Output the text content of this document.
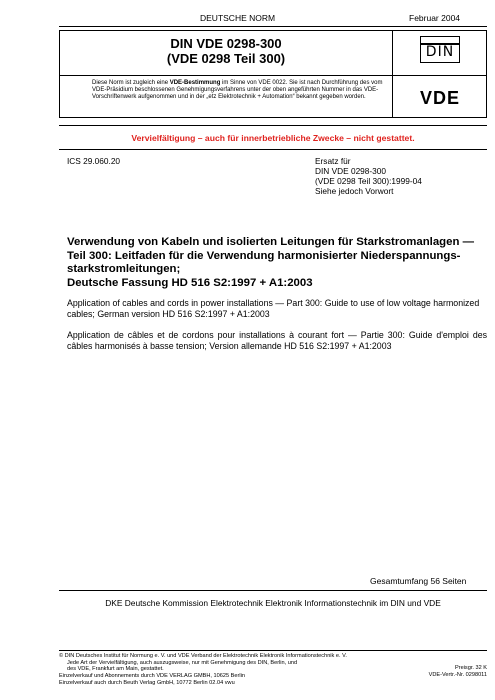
DEUTSCHE NORM	Februar 2004
DIN VDE 0298-300
(VDE 0298 Teil 300)	DIN
Diese Norm ist zugleich eine VDE-Bestimmung im Sinne von VDE 0022. Sie ist nach Durchführung des vom VDE-Präsidium beschlossenen Genehmigungsverfahrens unter der oben angeführten Nummer in das VDE-Vorschriftenwerk aufgenommen und in der „etz Elektrotechnik + Automation“ bekannt gegeben worden.	VDE
Vervielfältigung – auch für innerbetriebliche Zwecke – nicht gestattet.
ICS 29.060.20	Ersatz für
DIN VDE 0298-300
(VDE 0298 Teil 300):1999-04
Siehe jedoch Vorwort
Verwendung von Kabeln und isolierten Leitungen für Starkstromanlagen — Teil 300: Leitfaden für die Verwendung harmonisierter Niederspannungs-starkstromleitungen;
Deutsche Fassung HD 516 S2:1997 + A1:2003
Application of cables and cords in power installations — Part 300: Guide to use of low voltage harmonized cables; German version HD 516 S2:1997 + A1:2003
Application de câbles et de cordons pour installations à courant fort — Partie 300: Guide d'emploi des câbles harmonisés à basse tension; Version allemande HD 516 S2:1997 + A1:2003
Gesamtumfang 56 Seiten
DKE Deutsche Kommission Elektrotechnik Elektronik Informationstechnik im DIN und VDE
© DIN Deutsches Institut für Normung e. V. und VDE Verband der Elektrotechnik Elektronik Informationstechnik e. V.
Jede Art der Vervielfältigung, auch auszugsweise, nur mit Genehmigung des DIN, Berlin, und
des VDE, Frankfurt am Main, gestattet.
Einzelverkauf und Abonnements durch VDE VERLAG GMBH, 10625 Berlin
Einzelverkauf auch durch Beuth Verlag GmbH, 10772 Berlin 02.04 vwu
Preisgr. 32 K
VDE-Vertr.-Nr. 0298011
